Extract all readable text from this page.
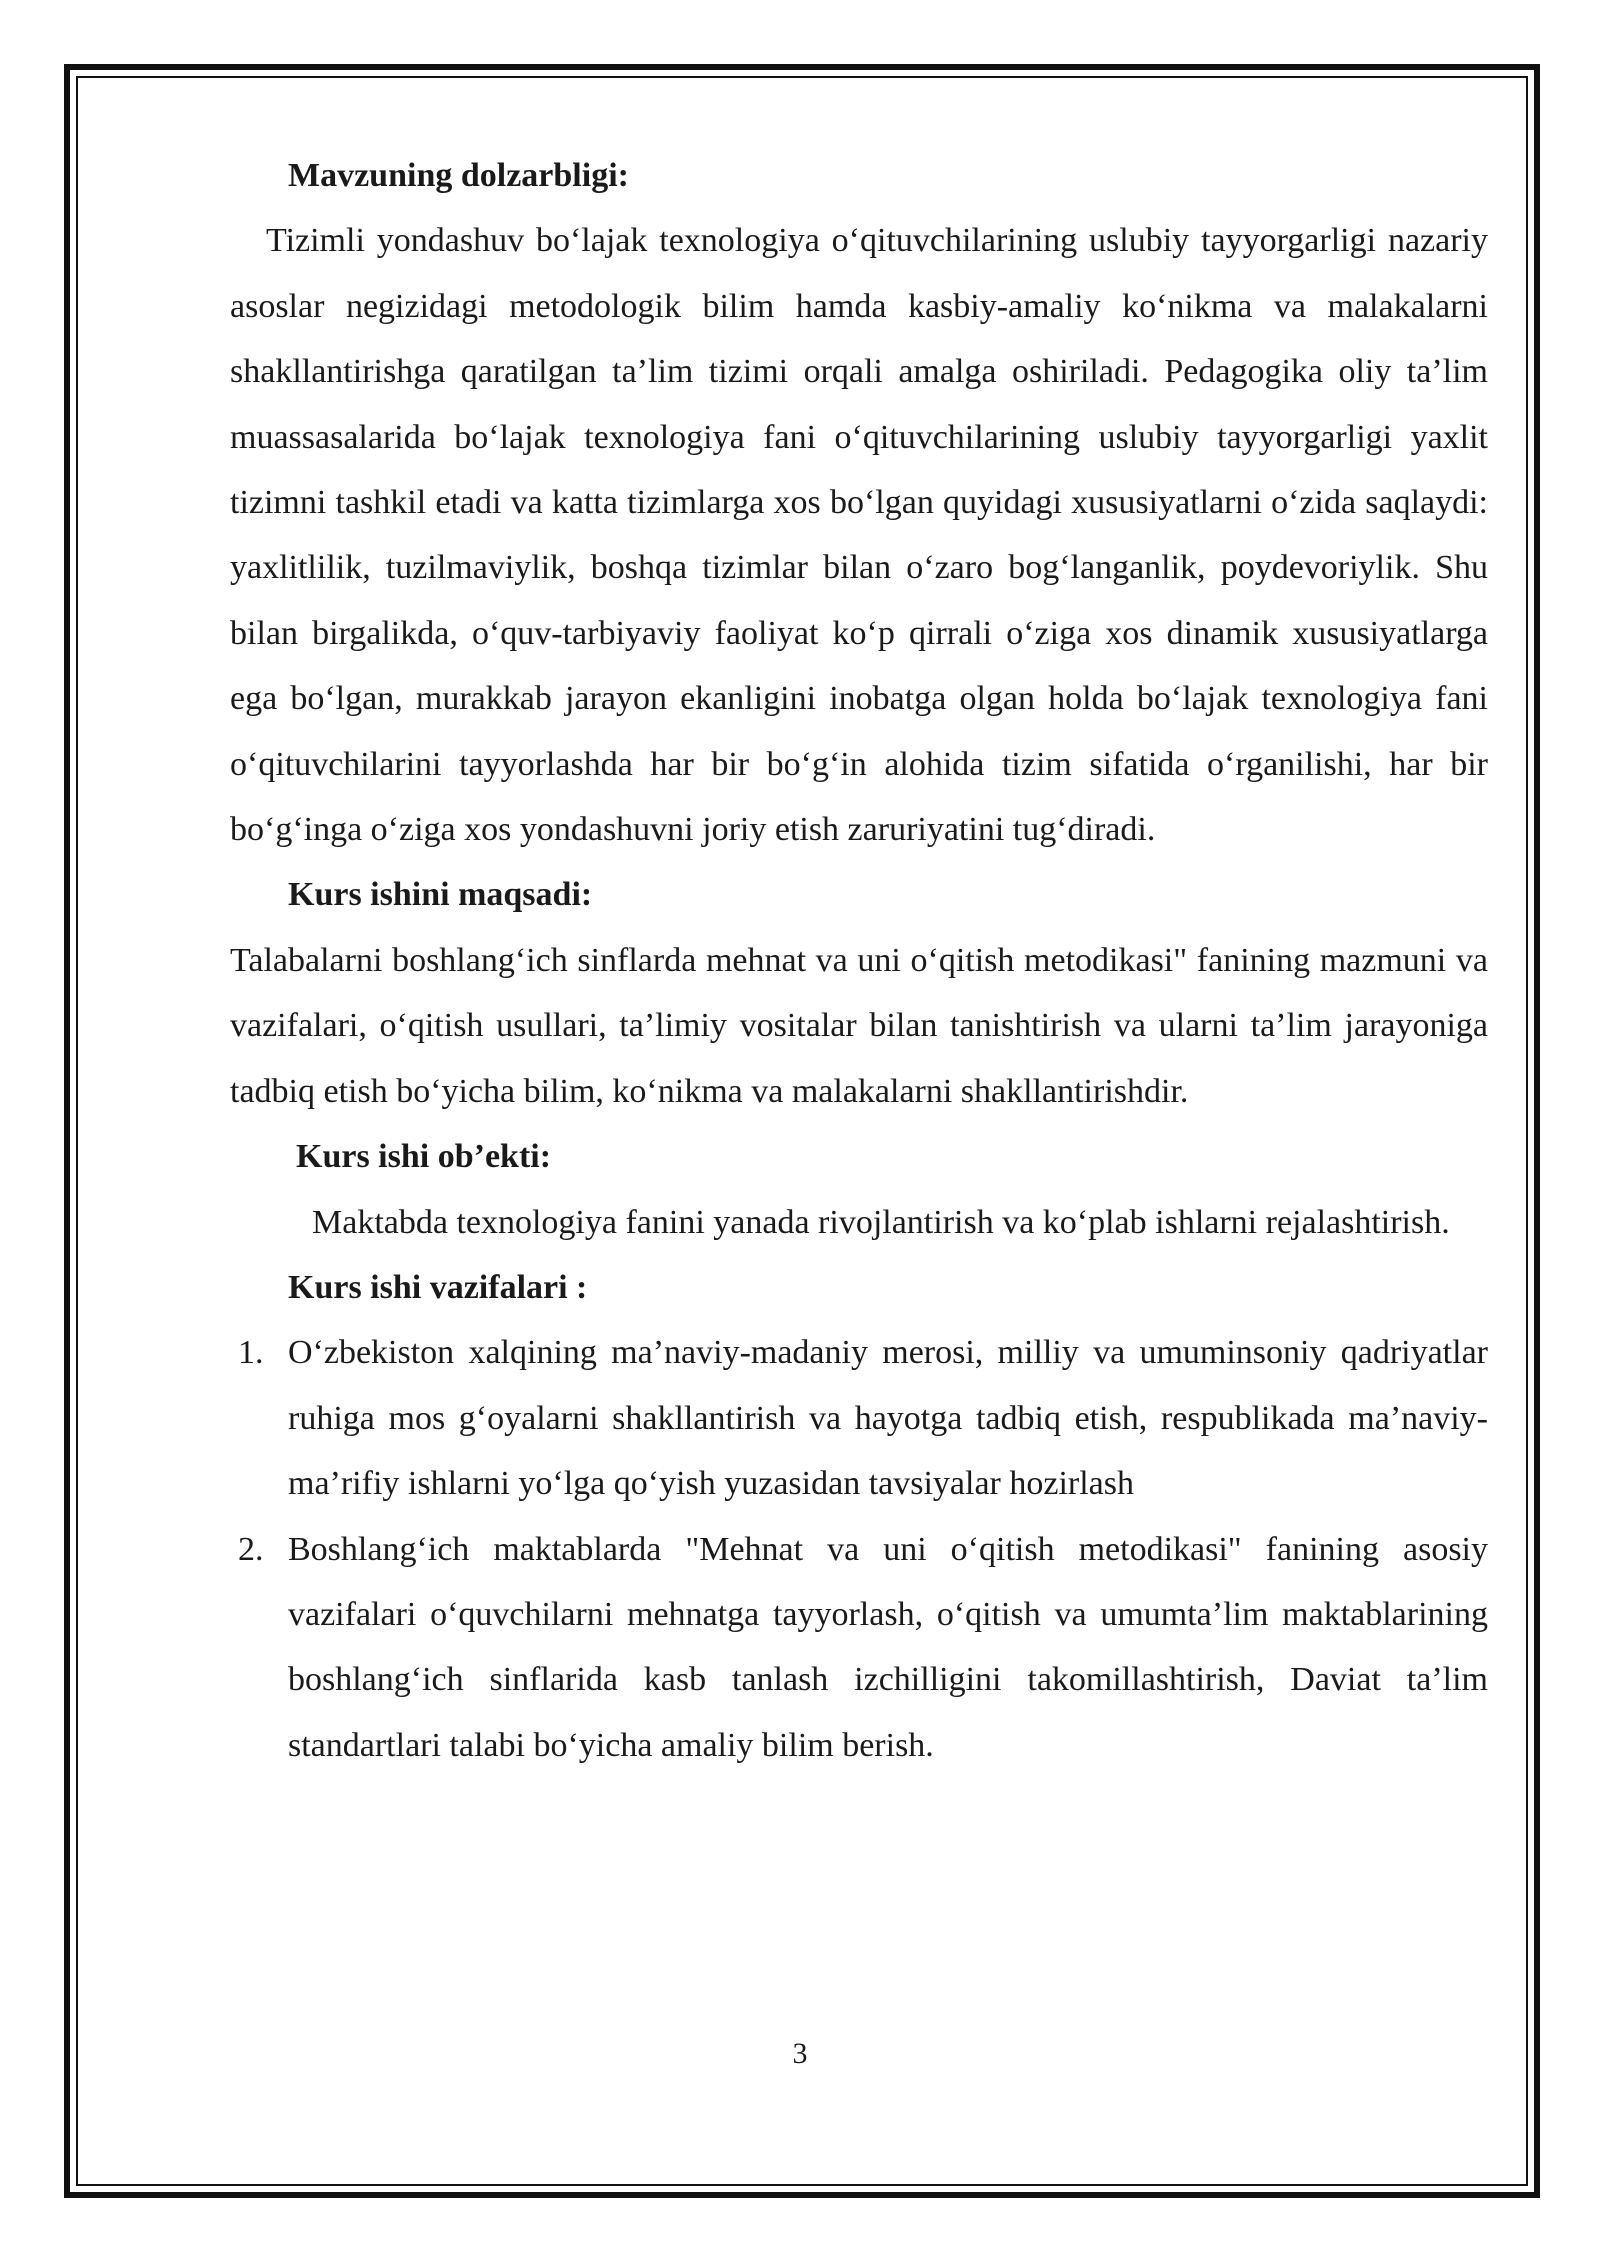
Mavzuning dolzarbligi:

Tizimli yondashuv bo‘lajak texnologiya o‘qituvchilarining uslubiy tayyorgarligi nazariy asoslar negizidagi metodologik bilim hamda kasbiy-amaliy ko‘nikma va malakalarni shakllantirishga qaratilgan ta’lim tizimi orqali amalga oshiriladi. Pedagogika oliy ta’lim muassasalarida bo‘lajak texnologiya fani o‘qituvchilarining uslubiy tayyorgarligi yaxlit tizimni tashkil etadi va katta tizimlarga xos bo‘lgan quyidagi xususiyatlarni o‘zida saqlaydi: yaxlitlilik, tuzilmaviylik, boshqa tizimlar bilan o‘zaro bog‘langanlik, poydevoriylik. Shu bilan birgalikda, o‘quv-tarbiyaviy faoliyat ko‘p qirrali o‘ziga xos dinamik xususiyatlarga ega bo‘lgan, murakkab jarayon ekanligini inobatga olgan holda bo‘lajak texnologiya fani o‘qituvchilarini tayyorlashda har bir bo‘g‘in alohida tizim sifatida o‘rganilishi, har bir bo‘g‘inga o‘ziga xos yondashuvni joriy etish zaruriyatini tug‘diradi.

Kurs ishini maqsadi:

Talabalarni boshlang‘ich sinflarda mehnat va uni o‘qitish metodikasi" fanining mazmuni va vazifalari, o‘qitish usullari, ta’limiy vositalar bilan tanishtirish va ularni ta’lim jarayoniga tadbiq etish bo‘yicha bilim, ko‘nikma va malakalarni shakllantirishdir.

Kurs ishi ob’ekti:

Maktabda texnologiya fanini yanada rivojlantirish va ko‘plab ishlarni rejalashtirish.

Kurs ishi vazifalari :

1. O‘zbekiston xalqining ma’naviy-madaniy merosi, milliy va umuminsoniy qadriyatlar ruhiga mos g‘oyalarni shakllantirish va hayotga tadbiq etish, respublikada ma’naviy-ma’rifiy ishlarni yo‘lga qo‘yish yuzasidan tavsiyalar hozirlash
2. Boshlang‘ich maktablarda "Mehnat va uni o‘qitish metodikasi" fanining asosiy vazifalari o‘quvchilarni mehnatga tayyorlash, o‘qitish va umumta’lim maktablarining boshlang‘ich sinflarida kasb tanlash izchilligini takomillashtirish, Daviat ta’lim standartlari talabi bo‘yicha amaliy bilim berish.
3
